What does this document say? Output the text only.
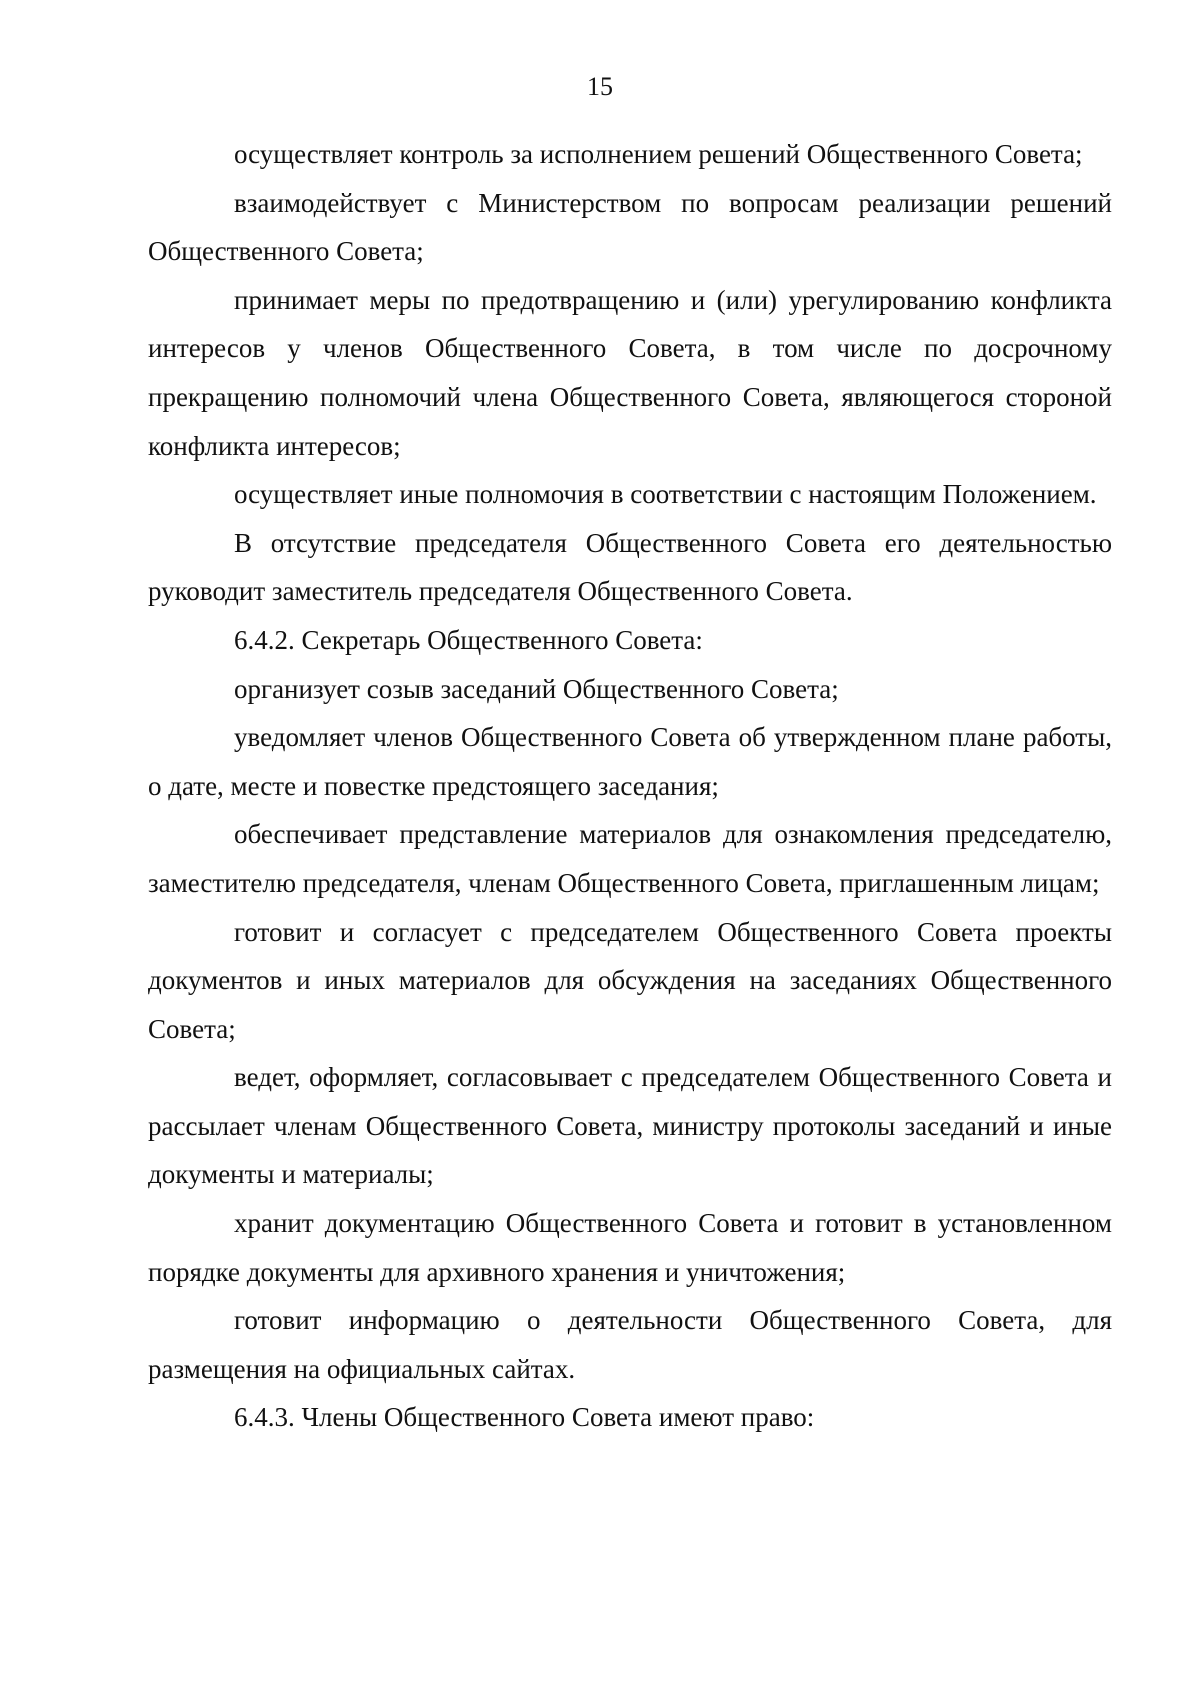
15

осуществляет контроль за исполнением решений Общественного Совета;

взаимодействует с Министерством по вопросам реализации решений Общественного Совета;

принимает меры по предотвращению и (или) урегулированию конфликта интересов у членов Общественного Совета, в том числе по досрочному прекращению полномочий члена Общественного Совета, являющегося стороной конфликта интересов;

осуществляет иные полномочия в соответствии с настоящим Положением.

В отсутствие председателя Общественного Совета его деятельностью руководит заместитель председателя Общественного Совета.

6.4.2. Секретарь Общественного Совета:

организует созыв заседаний Общественного Совета;

уведомляет членов Общественного Совета об утвержденном плане работы, о дате, месте и повестке предстоящего заседания;

обеспечивает представление материалов для ознакомления председателю, заместителю председателя, членам Общественного Совета, приглашенным лицам;

готовит и согласует с председателем Общественного Совета проекты документов и иных материалов для обсуждения на заседаниях Общественного Совета;

ведет, оформляет, согласовывает с председателем Общественного Совета и рассылает членам Общественного Совета, министру протоколы заседаний и иные документы и материалы;

хранит документацию Общественного Совета и готовит в установленном порядке документы для архивного хранения и уничтожения;

готовит информацию о деятельности Общественного Совета, для размещения на официальных сайтах.

6.4.3. Члены Общественного Совета имеют право:
